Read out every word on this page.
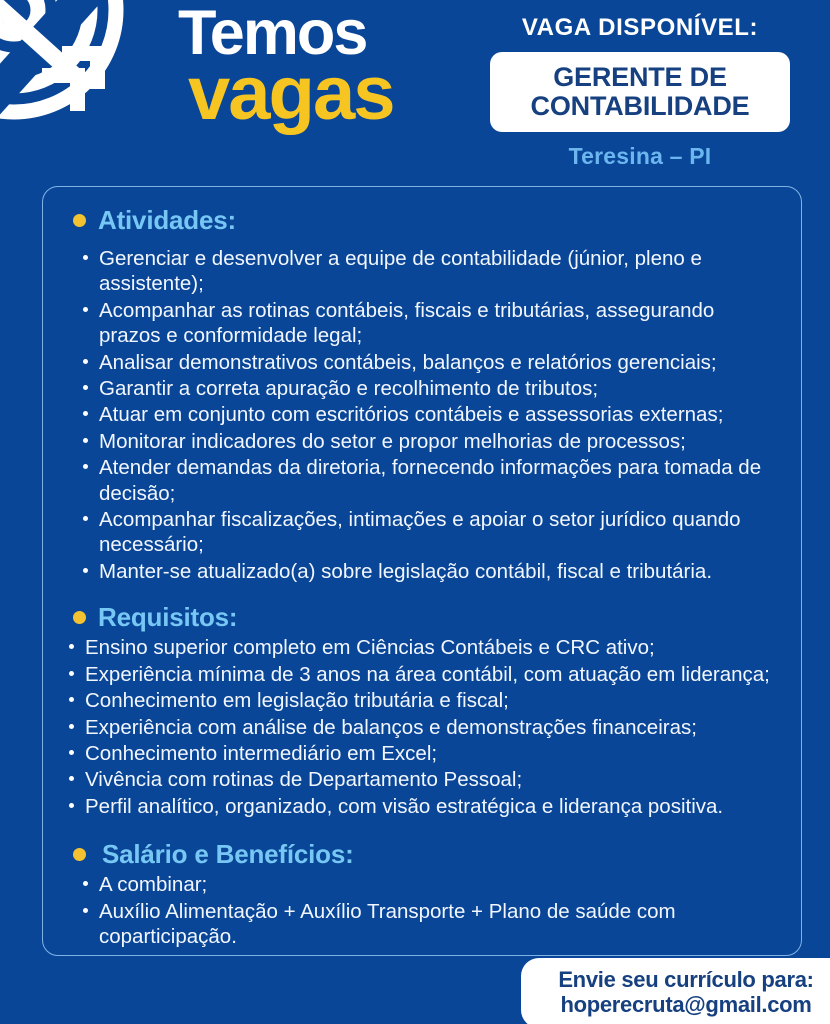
Temos
vagas
VAGA DISPONÍVEL:
GERENTE DE CONTABILIDADE
Teresina – PI
Atividades:
Gerenciar e desenvolver a equipe de contabilidade (júnior, pleno e assistente);
Acompanhar as rotinas contábeis, fiscais e tributárias, assegurando prazos e conformidade legal;
Analisar demonstrativos contábeis, balanços e relatórios gerenciais;
Garantir a correta apuração e recolhimento de tributos;
Atuar em conjunto com escritórios contábeis e assessorias externas;
Monitorar indicadores do setor e propor melhorias de processos;
Atender demandas da diretoria, fornecendo informações para tomada de decisão;
Acompanhar fiscalizações, intimações e apoiar o setor jurídico quando necessário;
Manter-se atualizado(a) sobre legislação contábil, fiscal e tributária.
Requisitos:
Ensino superior completo em Ciências Contábeis e CRC ativo;
Experiência mínima de 3 anos na área contábil, com atuação em liderança;
Conhecimento em legislação tributária e fiscal;
Experiência com análise de balanços e demonstrações financeiras;
Conhecimento intermediário em Excel;
Vivência com rotinas de Departamento Pessoal;
Perfil analítico, organizado, com visão estratégica e liderança positiva.
Salário e Benefícios:
A combinar;
Auxílio Alimentação + Auxílio Transporte + Plano de saúde com coparticipação.
Envie seu currículo para:
hoperecruta@gmail.com
